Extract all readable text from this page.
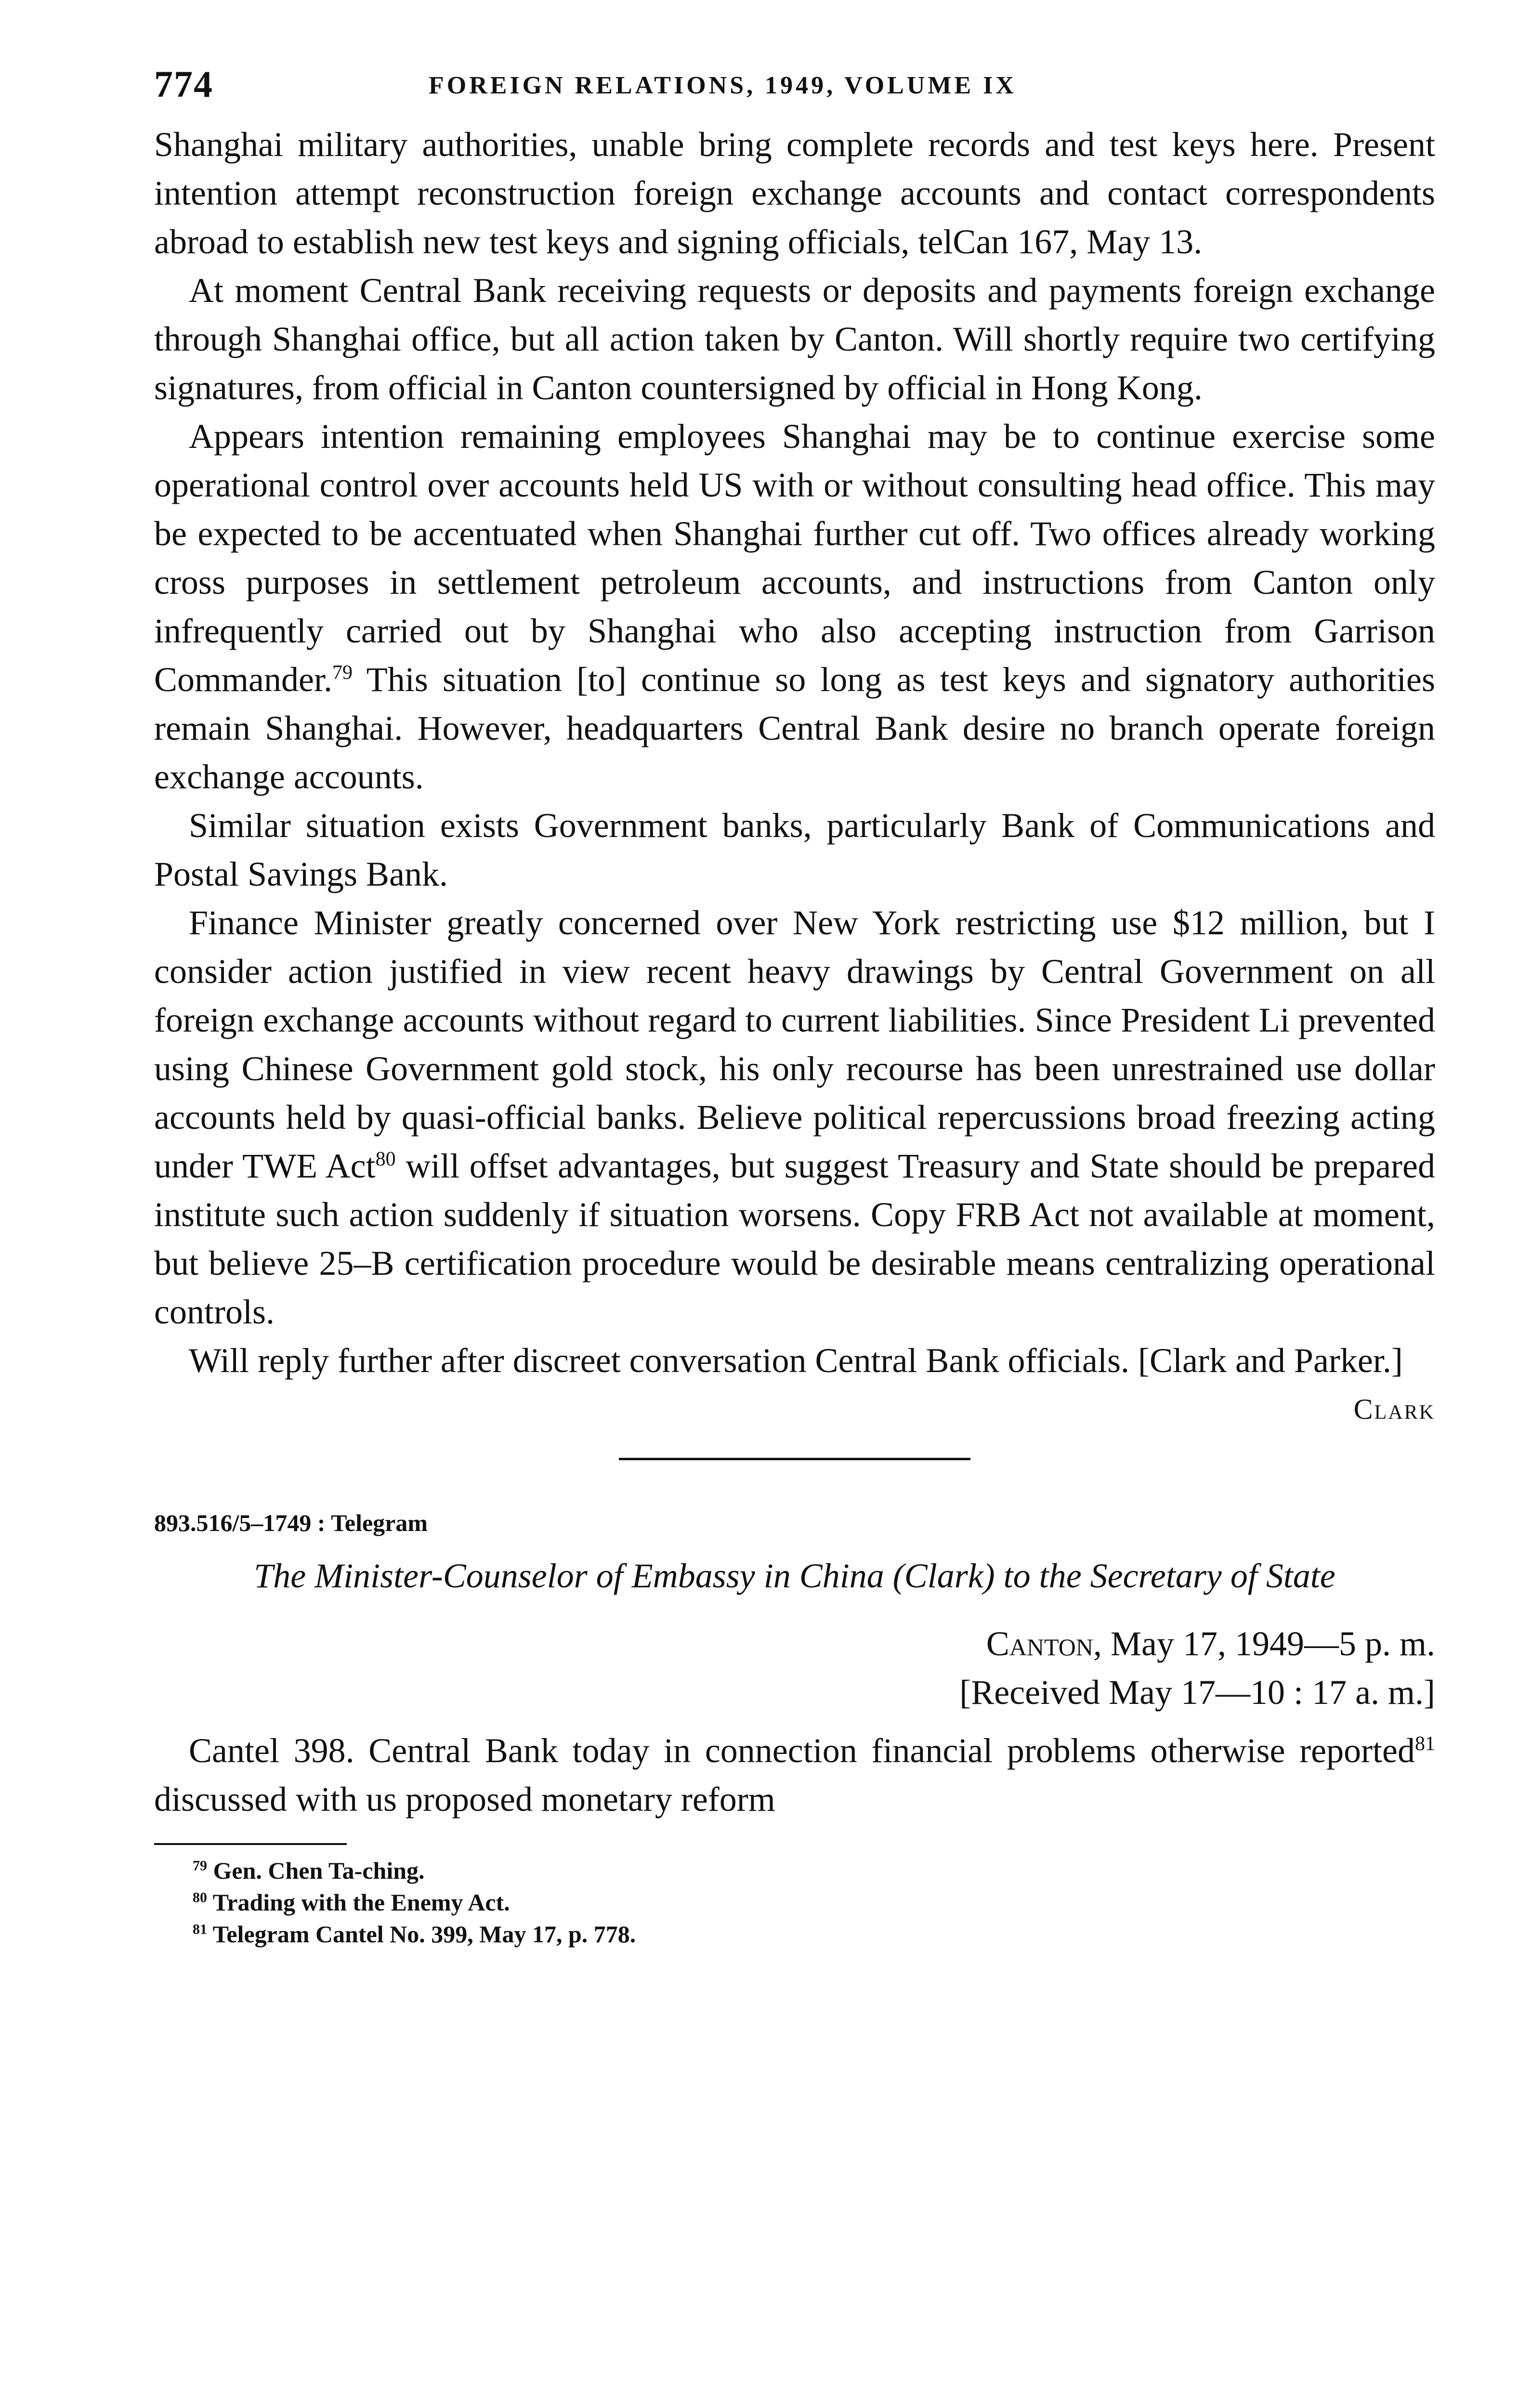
774	FOREIGN RELATIONS, 1949, VOLUME IX

Shanghai military authorities, unable bring complete records and test keys here. Present intention attempt reconstruction foreign exchange accounts and contact correspondents abroad to establish new test keys and signing officials, telCan 167, May 13.

At moment Central Bank receiving requests or deposits and payments foreign exchange through Shanghai office, but all action taken by Canton. Will shortly require two certifying signatures, from official in Canton countersigned by official in Hong Kong.

Appears intention remaining employees Shanghai may be to continue exercise some operational control over accounts held US with or without consulting head office. This may be expected to be accentuated when Shanghai further cut off. Two offices already working cross purposes in settlement petroleum accounts, and instructions from Canton only infrequently carried out by Shanghai who also accepting instruction from Garrison Commander.$^{79}$ This situation [to] continue so long as test keys and signatory authorities remain Shanghai. However, headquarters Central Bank desire no branch operate foreign exchange accounts.

Similar situation exists Government banks, particularly Bank of Communications and Postal Savings Bank.

Finance Minister greatly concerned over New York restricting use $12 million, but I consider action justified in view recent heavy drawings by Central Government on all foreign exchange accounts without regard to current liabilities. Since President Li prevented using Chinese Government gold stock, his only recourse has been unrestrained use dollar accounts held by quasi-official banks. Believe political repercussions broad freezing acting under TWE Act$^{80}$ will offset advantages, but suggest Treasury and State should be prepared institute such action suddenly if situation worsens. Copy FRB Act not available at moment, but believe 25–B certification procedure would be desirable means centralizing operational controls.

Will reply further after discreet conversation Central Bank officials. [Clark and Parker.]

Clark
893.516/5–1749 : Telegram
The Minister-Counselor of Embassy in China (Clark) to the Secretary of State
Canton, May 17, 1949—5 p. m.
[Received May 17—10 : 17 a. m.]

Cantel 398. Central Bank today in connection financial problems otherwise reported$^{81}$ discussed with us proposed monetary reform

$^{79}$ Gen. Chen Ta-ching.
$^{80}$ Trading with the Enemy Act.
$^{81}$ Telegram Cantel No. 399, May 17, p. 778.
